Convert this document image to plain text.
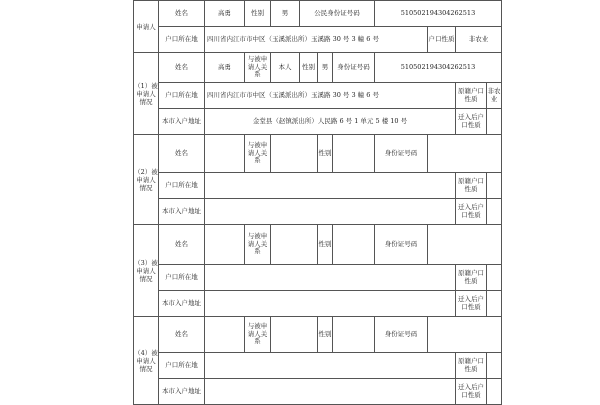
申请人	姓名	高勇	性别	男	公民身份证号码			510502194304262513			
	户口所在地	四川省内江市市中区（玉溪派出所）玉溪路 30 号 3 幢 6 号							户口性质	非农业	
（1）被申请人情况	姓名	高勇	与被申请人关系	本人	性别	男	身份证号码	510502194304262513			
	户口所在地	四川省内江市市中区（玉溪派出所）玉溪路 30 号 3 幢 6 号								原籍户口性质	非农业
	本市入户地址	金堂县（赵镇派出所）人民路 6 号 1 单元 5 楼 10 号								迁入后户口性质	
（2）被申请人情况	姓名		与被申请人关系			性别		身份证号码			
	户口所在地									原籍户口性质	
	本市入户地址									迁入后户口性质	
（3）被申请人情况	姓名		与被申请人关系			性别		身份证号码			
	户口所在地									原籍户口性质	
	本市入户地址									迁入后户口性质	
（4）被申请人情况	姓名		与被申请人关系			性别		身份证号码			
	户口所在地									原籍户口性质	
	本市入户地址									迁入后户口性质	
